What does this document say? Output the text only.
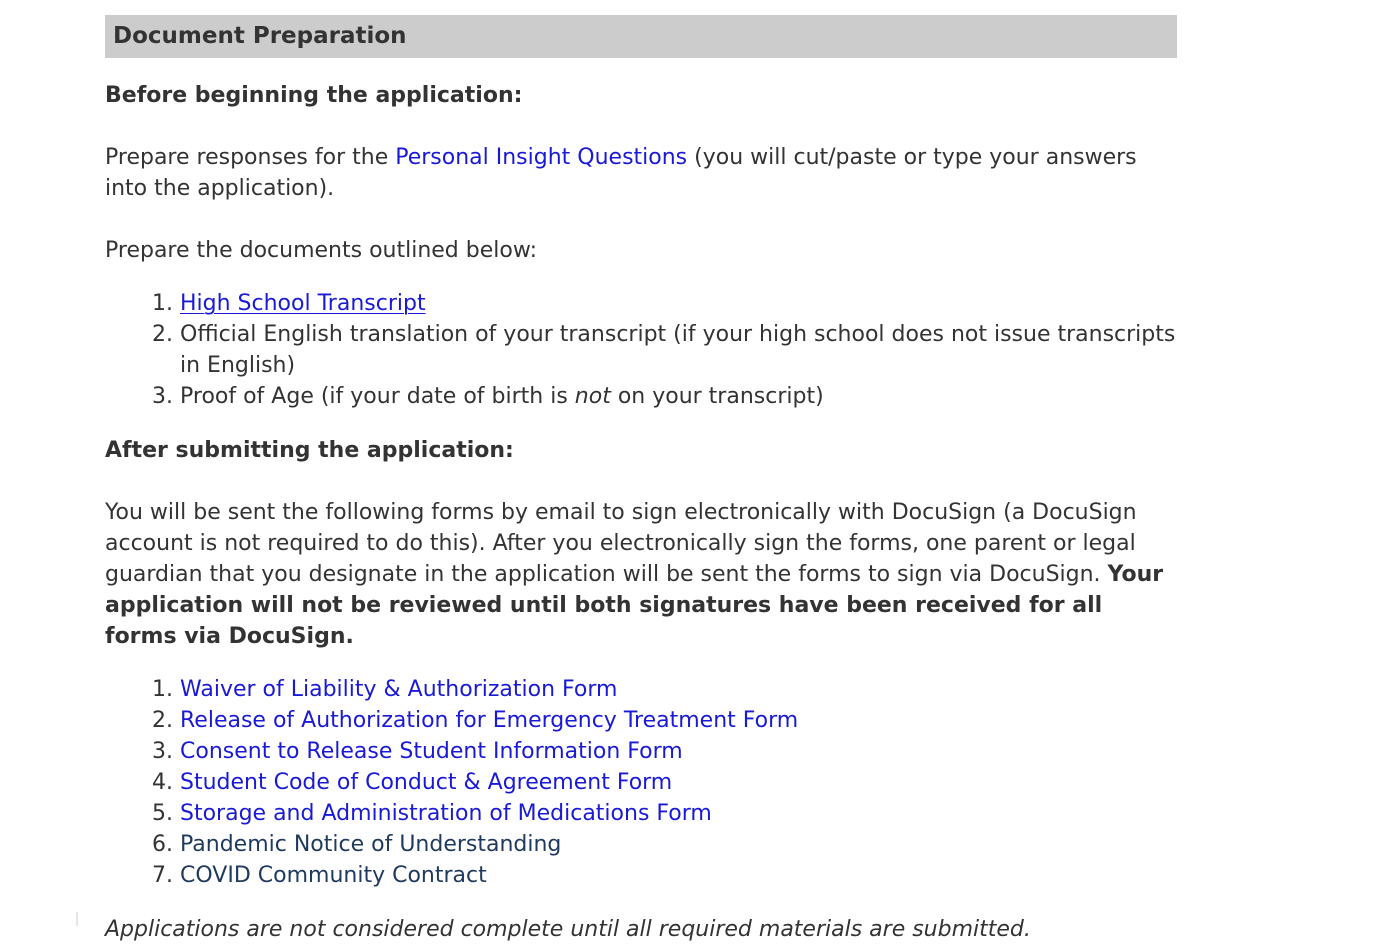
Document Preparation

Before beginning the application:

Prepare responses for the Personal Insight Questions (you will cut/paste or type your answers into the application).

Prepare the documents outlined below:

1. High School Transcript
2. Official English translation of your transcript (if your high school does not issue transcripts in English)
3. Proof of Age (if your date of birth is not on your transcript)

After submitting the application:

You will be sent the following forms by email to sign electronically with DocuSign (a DocuSign account is not required to do this). After you electronically sign the forms, one parent or legal guardian that you designate in the application will be sent the forms to sign via DocuSign. Your application will not be reviewed until both signatures have been received for all forms via DocuSign.

1. Waiver of Liability & Authorization Form
2. Release of Authorization for Emergency Treatment Form
3. Consent to Release Student Information Form
4. Student Code of Conduct & Agreement Form
5. Storage and Administration of Medications Form
6. Pandemic Notice of Understanding
7. COVID Community Contract

Applications are not considered complete until all required materials are submitted.
